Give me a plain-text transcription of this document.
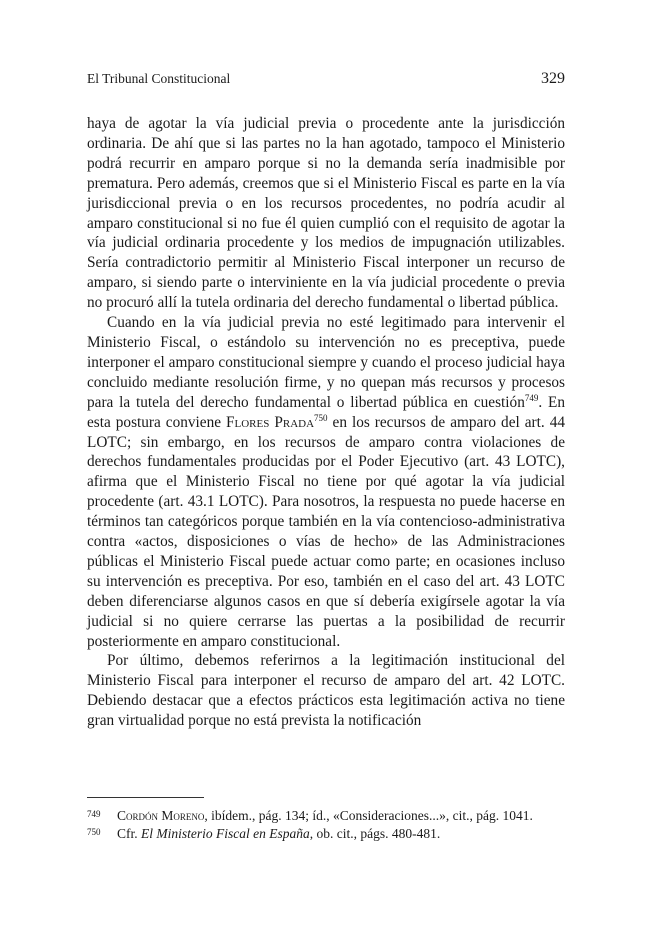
El Tribunal Constitucional	329

haya de agotar la vía judicial previa o procedente ante la jurisdicción ordinaria. De ahí que si las partes no la han agotado, tampoco el Ministerio podrá recurrir en amparo porque si no la demanda sería inadmisible por prematura. Pero además, creemos que si el Ministerio Fiscal es parte en la vía jurisdiccional previa o en los recursos procedentes, no podría acudir al amparo constitucional si no fue él quien cumplió con el requisito de agotar la vía judicial ordinaria procedente y los medios de impugnación utilizables. Sería contradictorio permitir al Ministerio Fiscal interponer un recurso de amparo, si siendo parte o interviniente en la vía judicial procedente o previa no procuró allí la tutela ordinaria del derecho fundamental o libertad pública.

Cuando en la vía judicial previa no esté legitimado para intervenir el Ministerio Fiscal, o estándolo su intervención no es preceptiva, puede interponer el amparo constitucional siempre y cuando el proceso judicial haya concluido mediante resolución firme, y no quepan más recursos y procesos para la tutela del derecho fundamental o libertad pública en cuestión$^{749}$. En esta postura conviene Flores Prada$^{750}$ en los recursos de amparo del art. 44 LOTC; sin embargo, en los recursos de amparo contra violaciones de derechos fundamentales producidas por el Poder Ejecutivo (art. 43 LOTC), afirma que el Ministerio Fiscal no tiene por qué agotar la vía judicial procedente (art. 43.1 LOTC). Para nosotros, la respuesta no puede hacerse en términos tan categóricos porque también en la vía contencioso-administrativa contra «actos, disposiciones o vías de hecho» de las Administraciones públicas el Ministerio Fiscal puede actuar como parte; en ocasiones incluso su intervención es preceptiva. Por eso, también en el caso del art. 43 LOTC deben diferenciarse algunos casos en que sí debería exigírsele agotar la vía judicial si no quiere cerrarse las puertas a la posibilidad de recurrir posteriormente en amparo constitucional.

Por último, debemos referirnos a la legitimación institucional del Ministerio Fiscal para interponer el recurso de amparo del art. 42 LOTC. Debiendo destacar que a efectos prácticos esta legitimación activa no tiene gran virtualidad porque no está prevista la notificación

749	Cordón Moreno, ibídem., pág. 134; íd., «Consideraciones...», cit., pág. 1041.
750	Cfr. El Ministerio Fiscal en España, ob. cit., págs. 480-481.
